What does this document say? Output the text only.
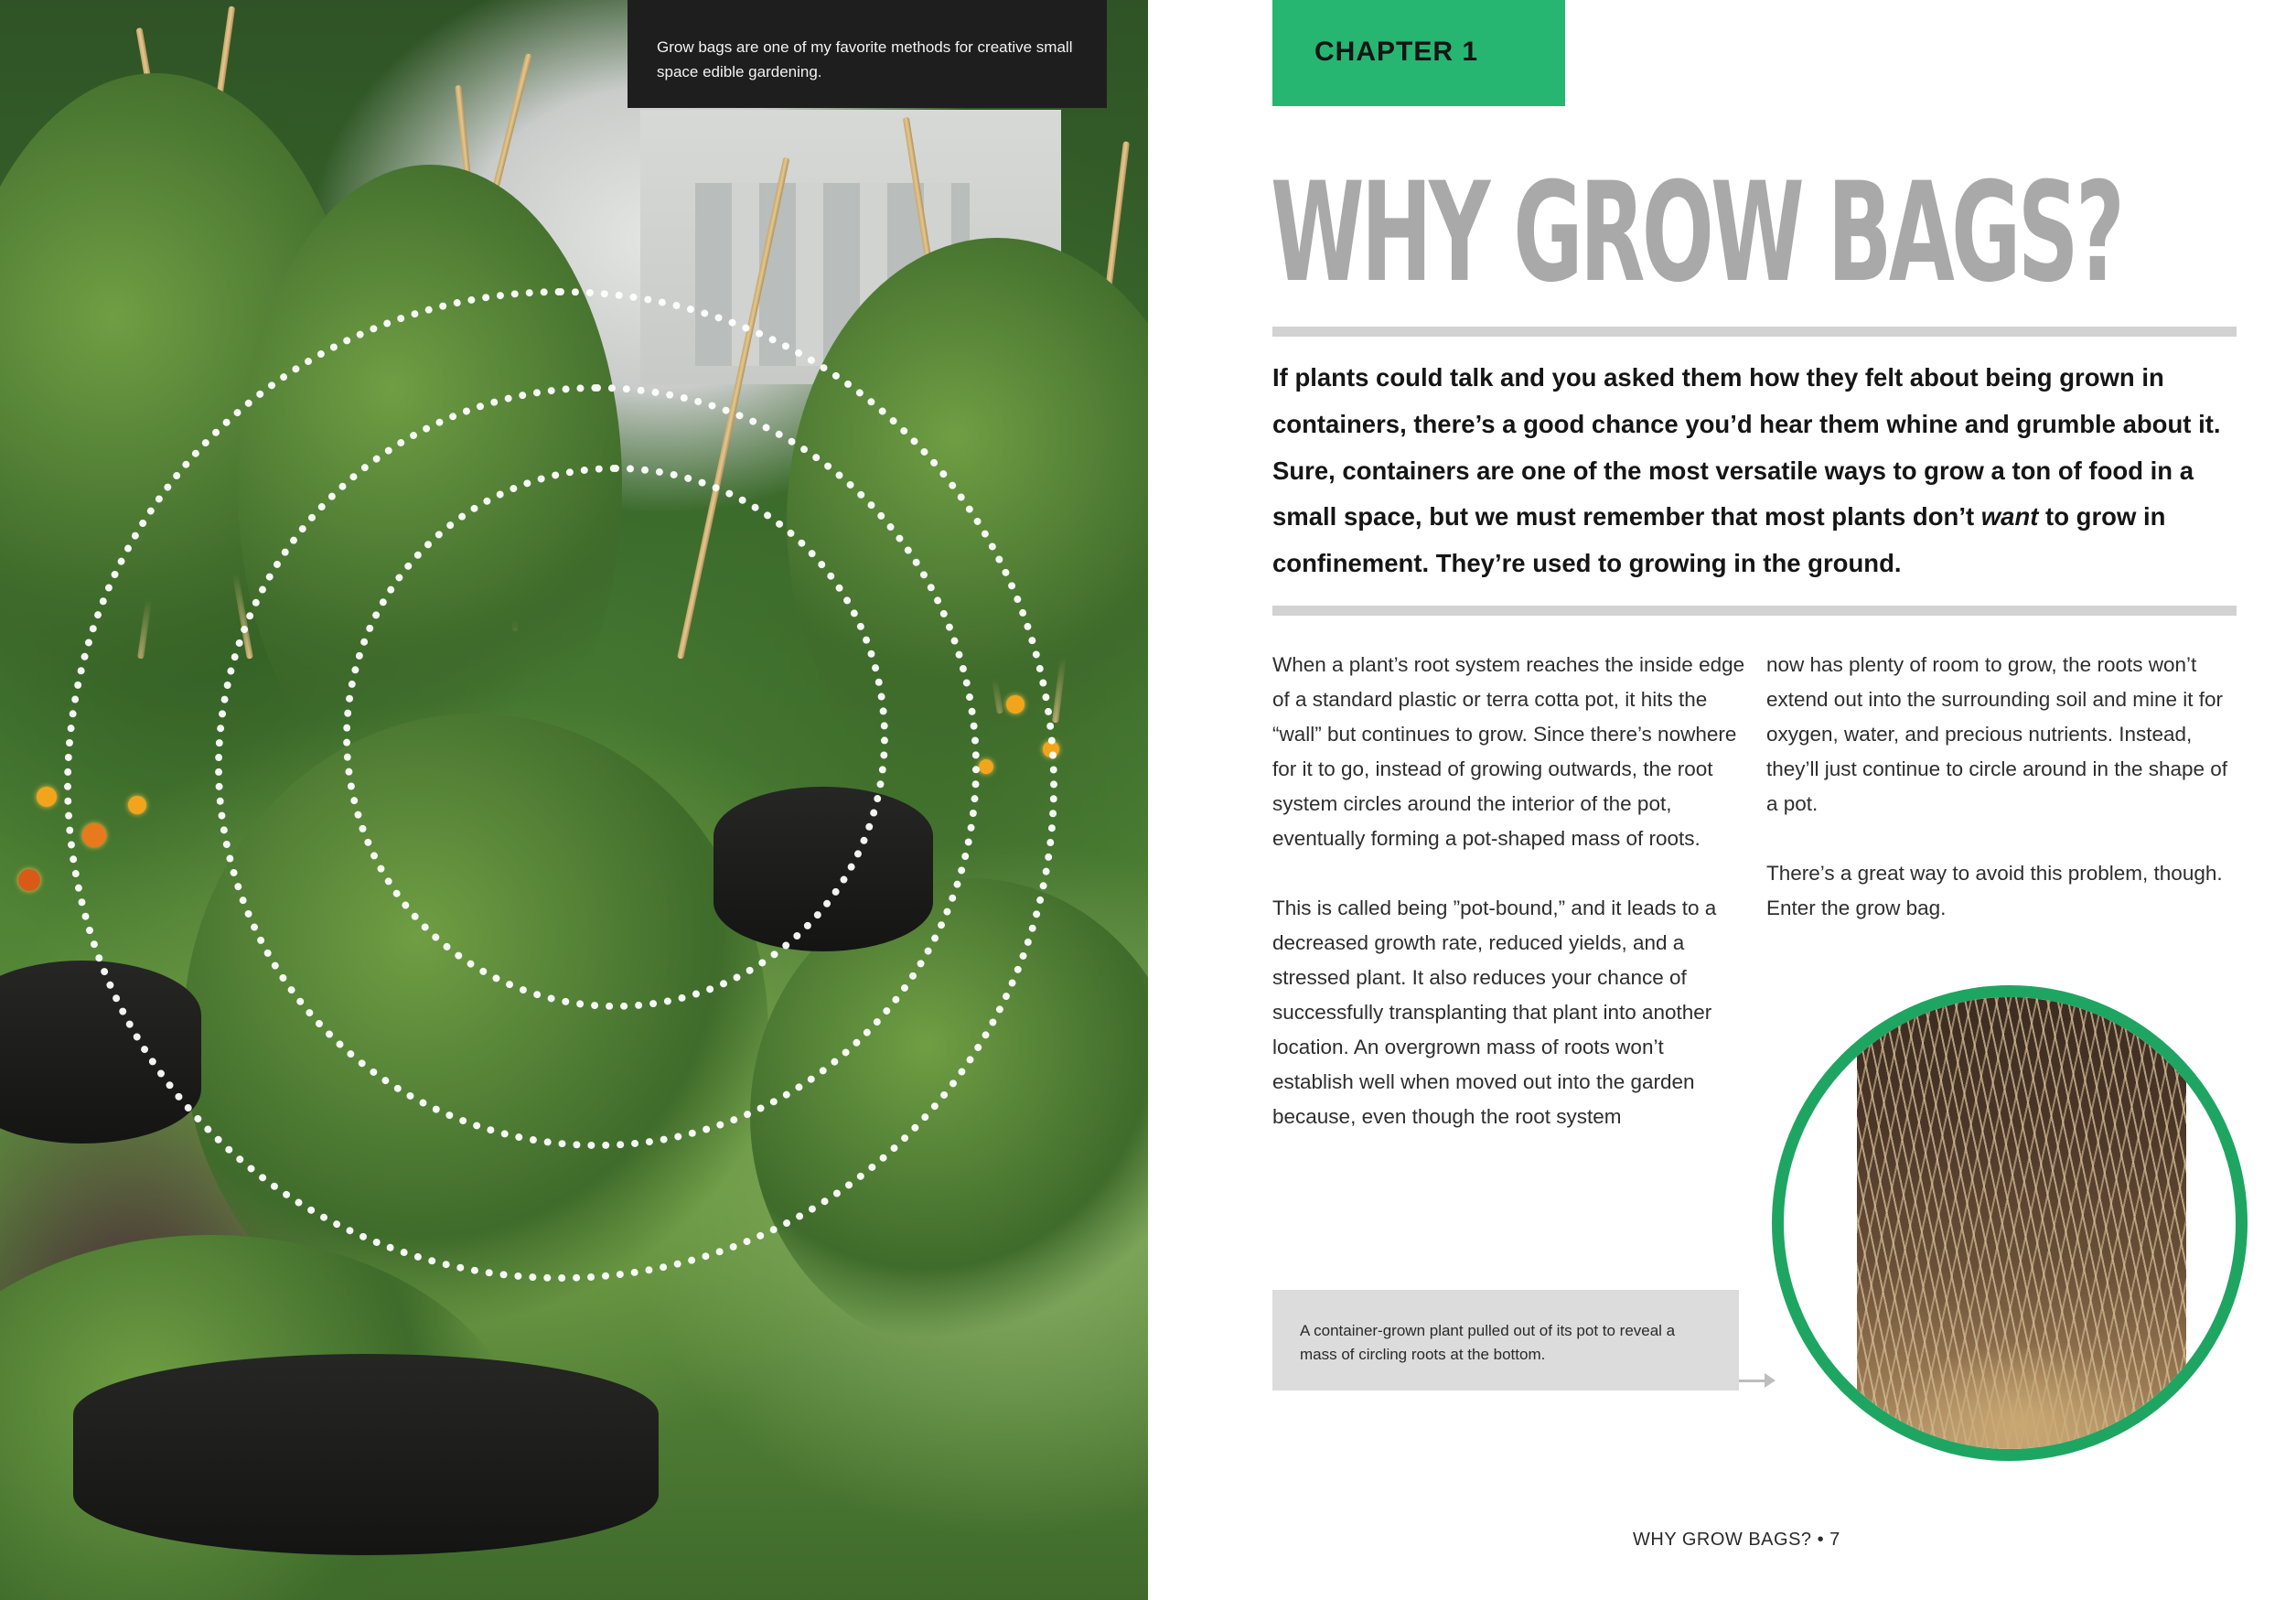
Grow bags are one of my favorite methods for creative small space edible gardening.
CHAPTER 1
WHY GROW BAGS?

If plants could talk and you asked them how they felt about being grown in containers, there’s a good chance you’d hear them whine and grumble about it. Sure, containers are one of the most versatile ways to grow a ton of food in a small space, but we must remember that most plants don’t want to grow in confinement. They’re used to growing in the ground.

When a plant’s root system reaches the inside edge of a standard plastic or terra cotta pot, it hits the “wall” but continues to grow. Since there’s nowhere for it to go, instead of growing outwards, the root system circles around the interior of the pot, eventually forming a pot-shaped mass of roots.

This is called being ”pot-bound,” and it leads to a decreased growth rate, reduced yields, and a stressed plant. It also reduces your chance of successfully transplanting that plant into another location. An overgrown mass of roots won’t establish well when moved out into the garden because, even though the root system

now has plenty of room to grow, the roots won’t extend out into the surrounding soil and mine it for oxygen, water, and precious nutrients. Instead, they’ll just continue to circle around in the shape of a pot.

There’s a great way to avoid this problem, though. Enter the grow bag.

A container-grown plant pulled out of its pot to reveal a mass of circling roots at the bottom.
WHY GROW BAGS? • 7
